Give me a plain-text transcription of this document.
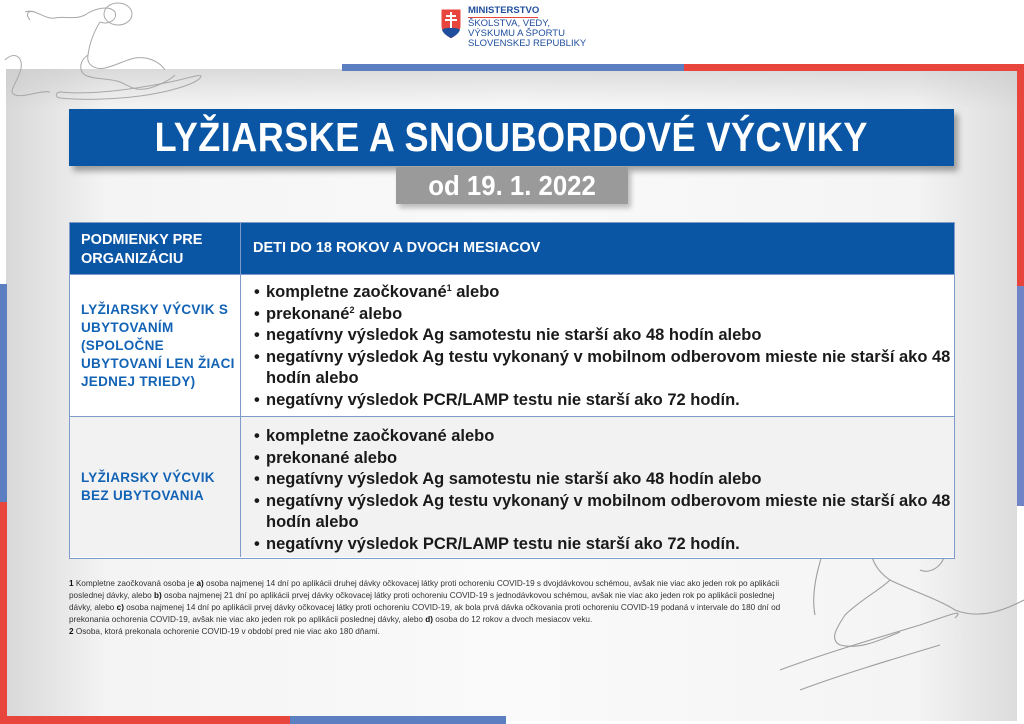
MINISTERSTVO
ŠKOLSTVA, VEDY,
VÝSKUMU A ŠPORTU
SLOVENSKEJ REPUBLIKY
LYŽIARSKE A SNOUBORDOVÉ VÝCVIKY
od 19. 1. 2022
PODMIENKY PRE ORGANIZÁCIU
DETI DO 18 ROKOV A DVOCH MESIACOV
LYŽIARSKY VÝCVIK S UBYTOVANÍM (SPOLOČNE UBYTOVANÍ LEN ŽIACI JEDNEJ TRIEDY)
• kompletne zaočkované$^1$ alebo
• prekonané$^2$ alebo
• negatívny výsledok Ag samotestu nie starší ako 48 hodín alebo
• negatívny výsledok Ag testu vykonaný v mobilnom odberovom mieste nie starší ako 48 hodín alebo
• negatívny výsledok PCR/LAMP testu nie starší ako 72 hodín.
LYŽIARSKY VÝCVIK BEZ UBYTOVANIA
• kompletne zaočkované alebo
• prekonané alebo
• negatívny výsledok Ag samotestu nie starší ako 48 hodín alebo
• negatívny výsledok Ag testu vykonaný v mobilnom odberovom mieste nie starší ako 48 hodín alebo
• negatívny výsledok PCR/LAMP testu nie starší ako 72 hodín.
1 Kompletne zaočkovaná osoba je a) osoba najmenej 14 dní po aplikácii druhej dávky očkovacej látky proti ochoreniu COVID-19 s dvojdávkovou schémou, avšak nie viac ako jeden rok po aplikácii poslednej dávky, alebo b) osoba najmenej 21 dní po aplikácii prvej dávky očkovacej látky proti ochoreniu COVID-19 s jednodávkovou schémou, avšak nie viac ako jeden rok po aplikácii poslednej dávky, alebo c) osoba najmenej 14 dní po aplikácii prvej dávky očkovacej látky proti ochoreniu COVID-19, ak bola prvá dávka očkovania proti ochoreniu COVID-19 podaná v intervale do 180 dní od prekonania ochorenia COVID-19, avšak nie viac ako jeden rok po aplikácii poslednej dávky, alebo d) osoba do 12 rokov a dvoch mesiacov veku.
2 Osoba, ktorá prekonala ochorenie COVID-19 v období pred nie viac ako 180 dňami.
